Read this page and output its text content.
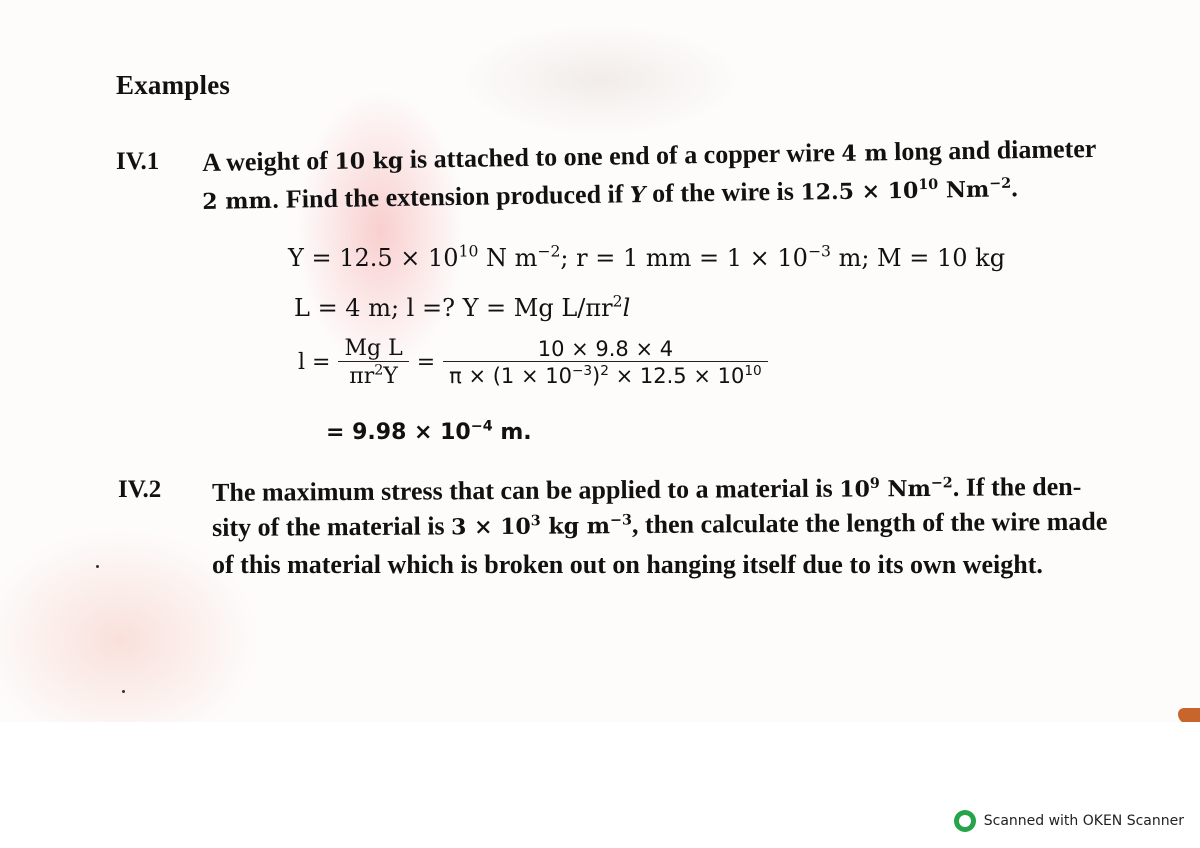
Examples
IV.1 A weight of 10 kg is attached to one end of a copper wire 4 m long and diameter
2 mm. Find the extension produced if Y of the wire is $12.5 \times 10^{10}$ $Nm^{-2}$.
$Y = 12.5 \times 10^{10}$ N $m^{-2}$; r = 1 mm = $1 \times 10^{-3}$ m; M = 10 kg
L = 4 m; l =? Y = Mg $L/\pi r^2l$
$l = \frac{\text{Mg L}}{\pi r^2Y} = \frac{10 \times 9.8 \times 4}{\pi \times (1 \times 10^{-3})^2 \times 12.5 \times 10^{10}}$
= $9.98 \times 10^{-4}$ m.
IV.2 The maximum stress that can be applied to a material is $10^9$ $Nm^{-2}$. If the den-
sity of the material is $3 \times 10^3$ kg $m^{-3}$, then calculate the length of the wire made
of this material which is broken out on hanging itself due to its own weight.
Scanned with OKEN Scanner
